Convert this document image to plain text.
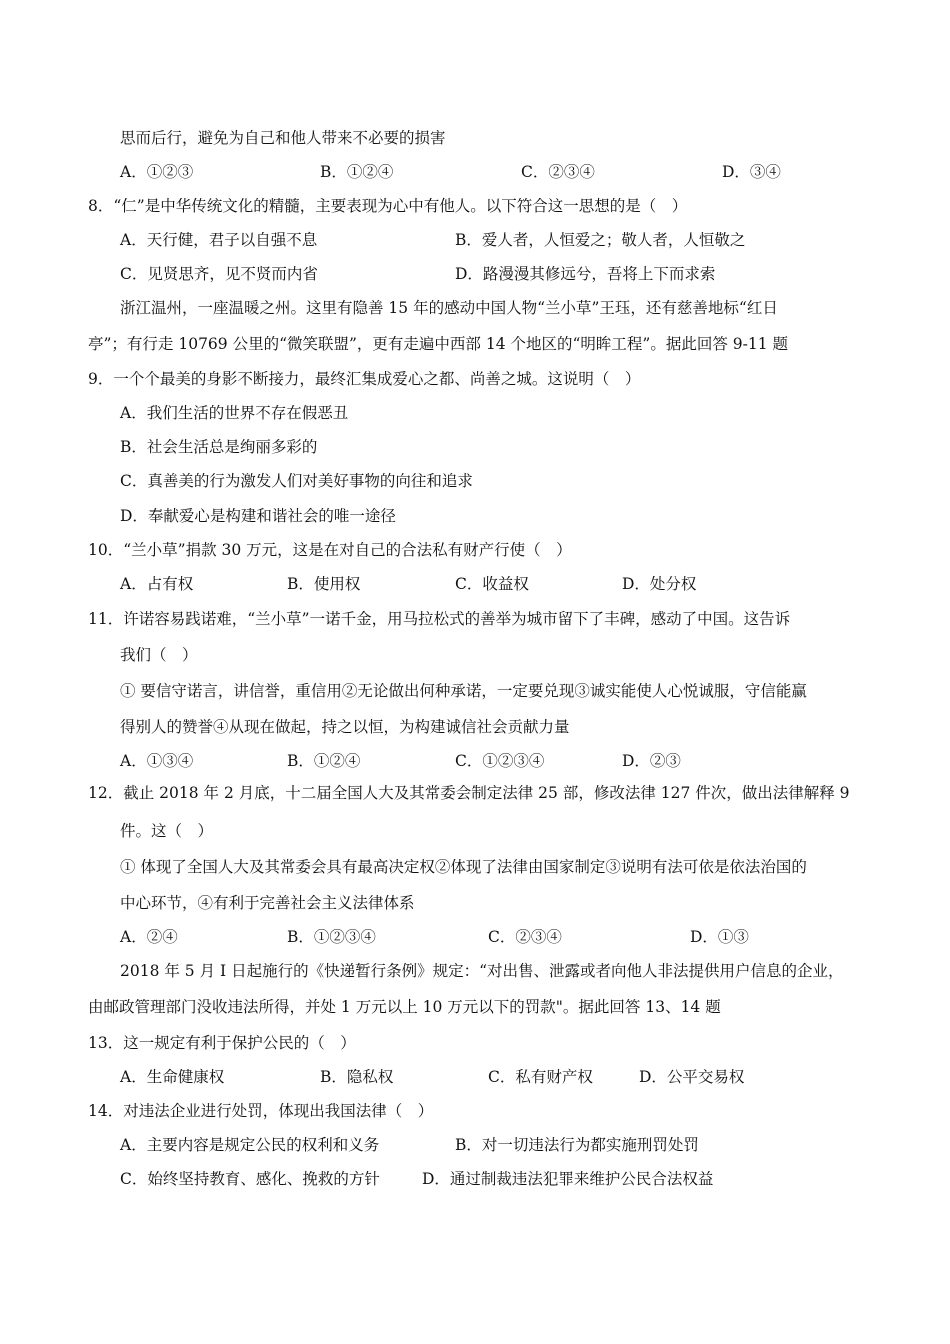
思而后行，避免为自己和他人带来不必要的损害
A．①②③	B．①②④	C．②③④	D．③④
8．“仁”是中华传统文化的精髓，主要表现为心中有他人。以下符合这一思想的是（　）
A．天行健，君子以自强不息	B．爱人者，人恒爱之；敬人者，人恒敬之
C．见贤思齐，见不贤而内省	D．路漫漫其修远兮，吾将上下而求索
浙江温州，一座温暖之州。这里有隐善 15 年的感动中国人物“兰小草”王珏，还有慈善地标“红日
亭”；有行走 10769 公里的“微笑联盟”，更有走遍中西部 14 个地区的“明眸工程”。据此回答 9-11 题
9．一个个最美的身影不断接力，最终汇集成爱心之都、尚善之城。这说明（　）
A．我们生活的世界不存在假恶丑
B．社会生活总是绚丽多彩的
C．真善美的行为激发人们对美好事物的向往和追求
D．奉献爱心是构建和谐社会的唯一途径
10．“兰小草”捐款 30 万元，这是在对自己的合法私有财产行使（　）
A．占有权	B．使用权	C．收益权	D．处分权
11．许诺容易践诺难，“兰小草”一诺千金，用马拉松式的善举为城市留下了丰碑，感动了中国。这告诉
我们（　）
① 要信守诺言，讲信誉，重信用②无论做出何种承诺，一定要兑现③诚实能使人心悦诚服，守信能赢
得别人的赞誉④从现在做起，持之以恒，为构建诚信社会贡献力量
A．①③④	B．①②④	C．①②③④	D．②③
12．截止 2018 年 2 月底，十二届全国人大及其常委会制定法律 25 部，修改法律 127 件次，做出法律解释 9
件。这（　）
① 体现了全国人大及其常委会具有最高决定权②体现了法律由国家制定③说明有法可依是依法治国的
中心环节，④有利于完善社会主义法律体系
A．②④	B．①②③④	C．②③④	D．①③
2018 年 5 月 I 日起施行的《快递暂行条例》规定：“对出售、泄露或者向他人非法提供用户信息的企业，
由邮政管理部门没收违法所得，并处 1 万元以上 10 万元以下的罚款"。据此回答 13、14 题
13．这一规定有利于保护公民的（　）
A．生命健康权	B．隐私权	C．私有财产权	D．公平交易权
14．对违法企业进行处罚，体现出我国法律（　）
A．主要内容是规定公民的权利和义务	B．对一切违法行为都实施刑罚处罚
C．始终坚持教育、感化、挽救的方针	D．通过制裁违法犯罪来维护公民合法权益
